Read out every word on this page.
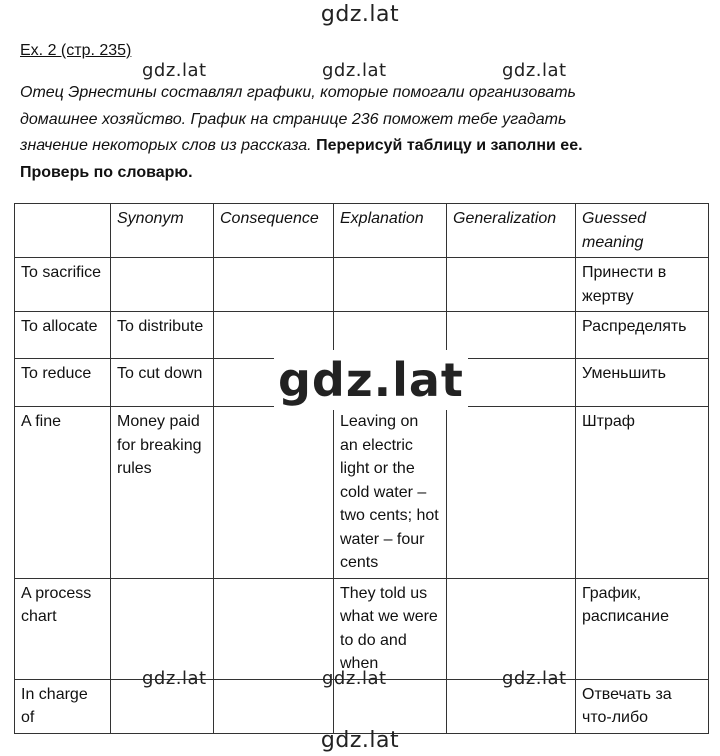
gdz.lat
gdz.lat	gdz.lat	gdz.lat
Ex. 2 (стр. 235)
Отец Эрнестины составлял графики, которые помогали организовать
домашнее хозяйство. График на странице 236 поможет тебе угадать
значение некоторых слов из рассказа. Перерисуй таблицу и заполни ее.
Проверь по словарю.
	Synonym	Consequence	Explanation	Generalization	Guessed meaning
To sacrifice					Принести в жертву
To allocate	To distribute				Распределять
To reduce	To cut down				Уменьшить
A fine	Money paid for breaking rules		Leaving on an electric light or the cold water – two cents; hot water – four cents		Штраф
A process chart			They told us what we were to do and when		График, расписание
In charge of					Отвечать за что-либо
gdz.lat
gdz.lat	gdz.lat	gdz.lat
gdz.lat
